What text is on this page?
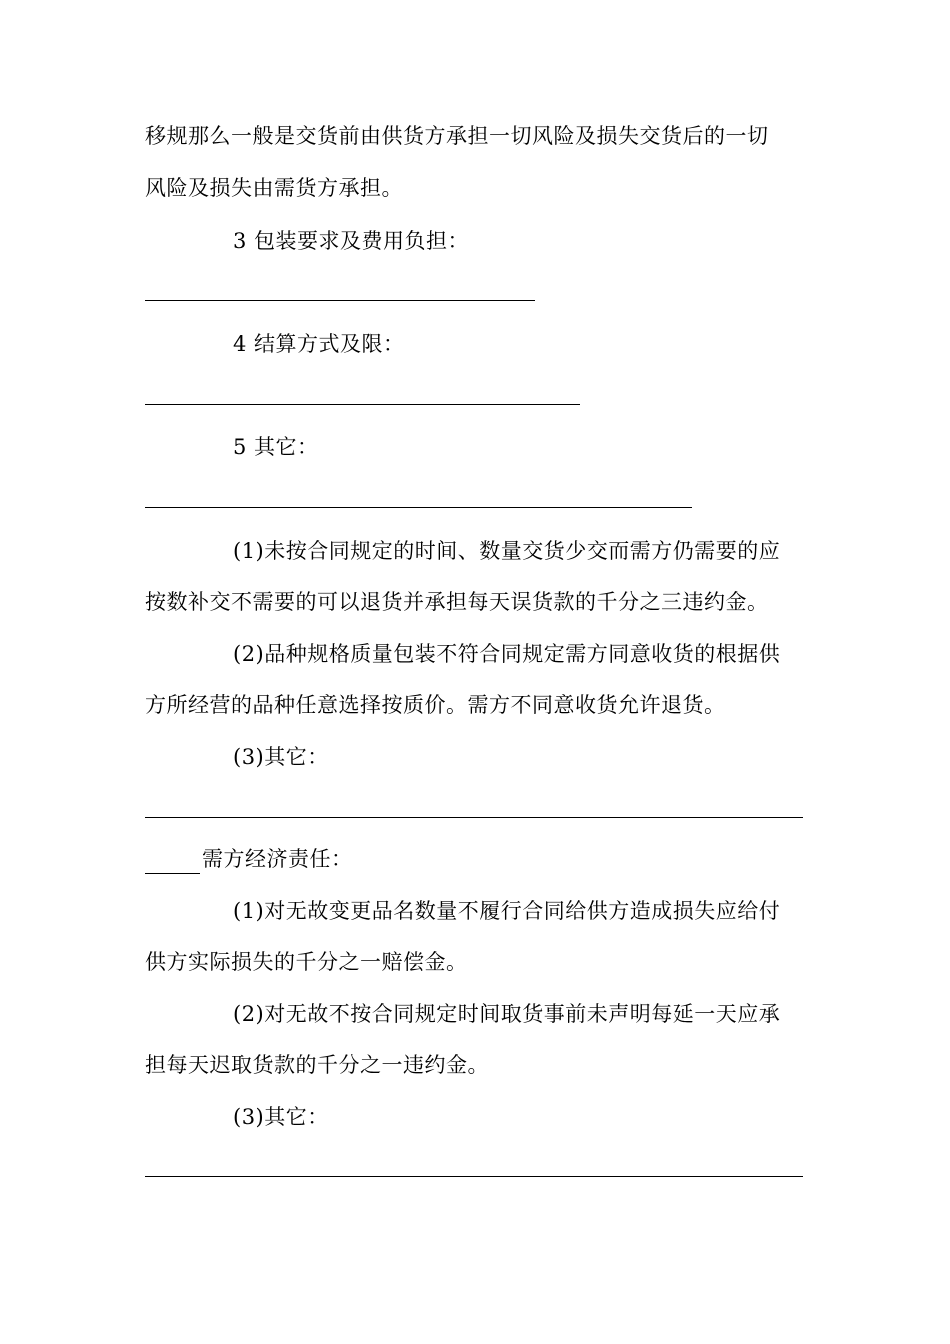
移规那么一般是交货前由供货方承担一切风险及损失交货后的一切
风险及损失由需货方承担。
3 包装要求及费用负担：
4 结算方式及限：
5 其它：
(1)未按合同规定的时间、数量交货少交而需方仍需要的应
按数补交不需要的可以退货并承担每天误货款的千分之三违约金。
(2)品种规格质量包装不符合同规定需方同意收货的根据供
方所经营的品种任意选择按质价。需方不同意收货允许退货。
(3)其它：
需方经济责任：
(1)对无故变更品名数量不履行合同给供方造成损失应给付
供方实际损失的千分之一赔偿金。
(2)对无故不按合同规定时间取货事前未声明每延一天应承
担每天迟取货款的千分之一违约金。
(3)其它：
